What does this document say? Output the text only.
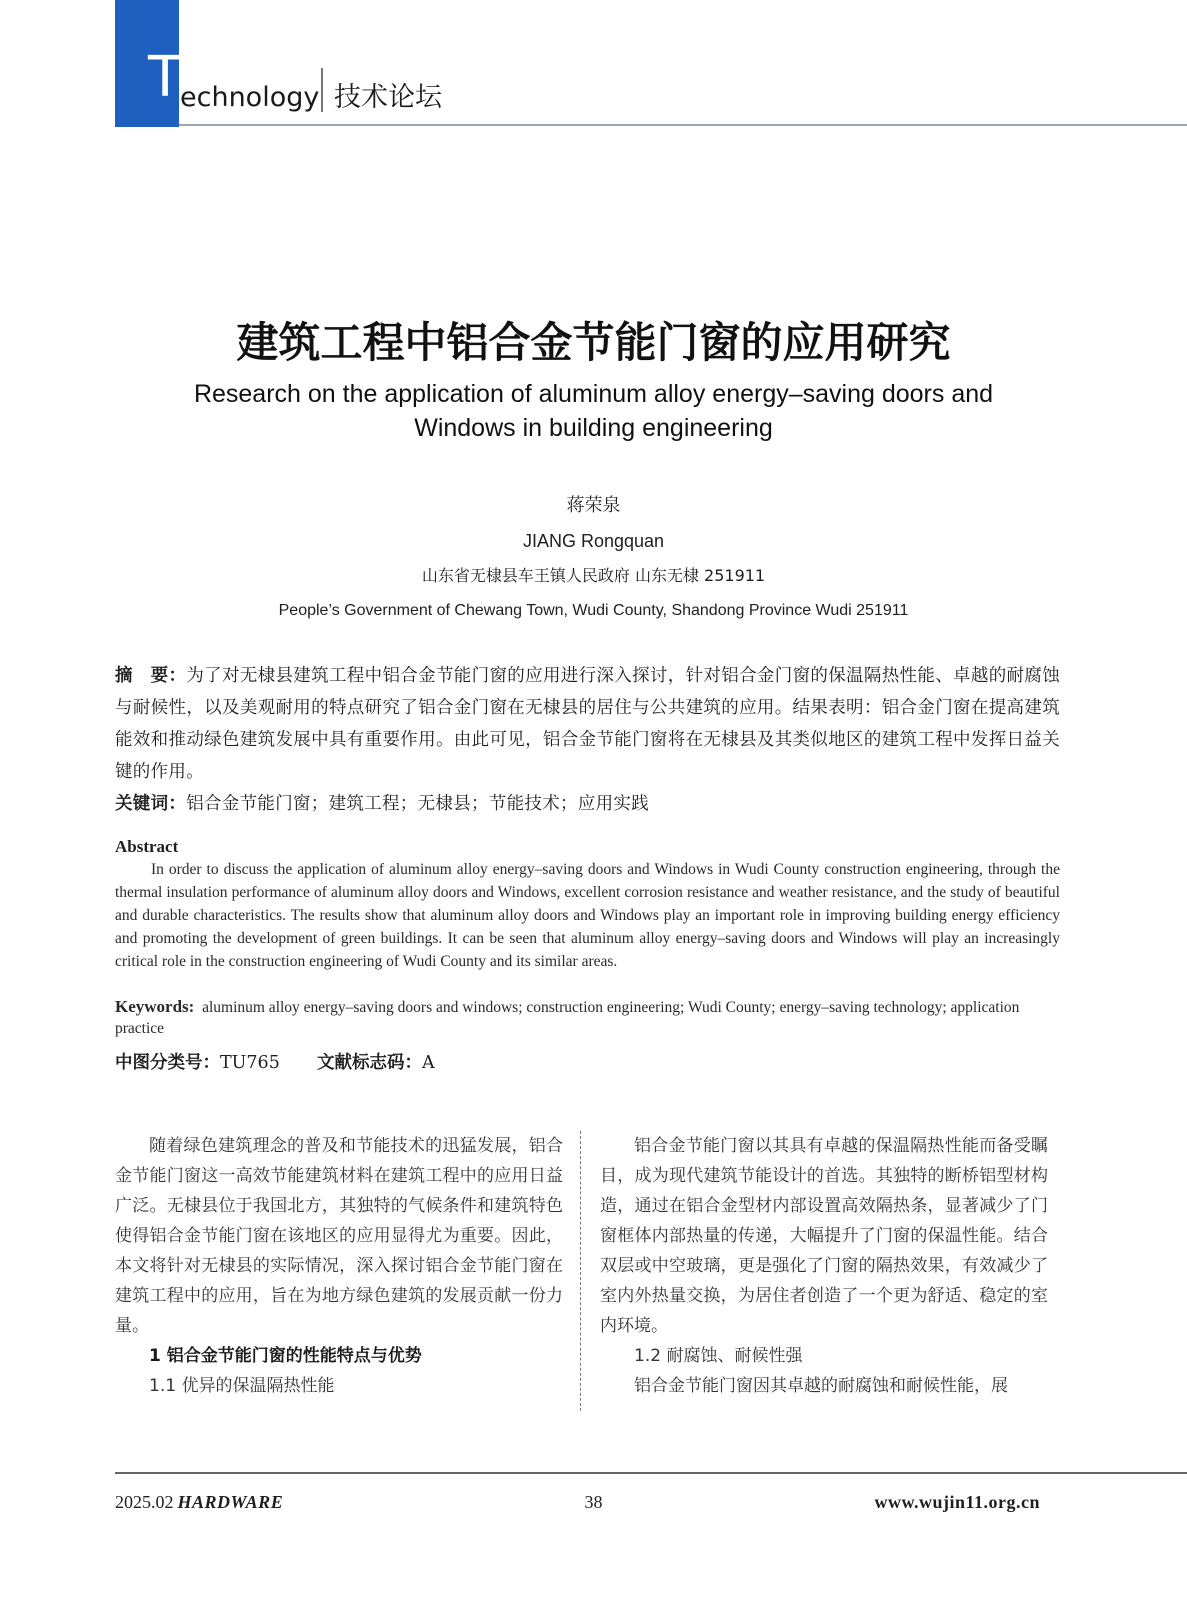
T
echnology 技术论坛
建筑工程中铝合金节能门窗的应用研究
Research on the application of aluminum alloy energy–saving doors and
Windows in building engineering
蒋荣泉
JIANG Rongquan
山东省无棣县车王镇人民政府 山东无棣 251911
People’s Government of Chewang Town, Wudi County, Shandong Province Wudi 251911
摘　要：为了对无棣县建筑工程中铝合金节能门窗的应用进行深入探讨，针对铝合金门窗的保温隔热性能、卓越的耐腐蚀与耐候性，以及美观耐用的特点研究了铝合金门窗在无棣县的居住与公共建筑的应用。结果表明：铝合金门窗在提高建筑能效和推动绿色建筑发展中具有重要作用。由此可见，铝合金节能门窗将在无棣县及其类似地区的建筑工程中发挥日益关键的作用。
关键词：铝合金节能门窗；建筑工程；无棣县；节能技术；应用实践
Abstract
In order to discuss the application of aluminum alloy energy–saving doors and Windows in Wudi County construction engineering, through the thermal insulation performance of aluminum alloy doors and Windows, excellent corrosion resistance and weather resistance, and the study of beautiful and durable characteristics. The results show that aluminum alloy doors and Windows play an important role in improving building energy efficiency and promoting the development of green buildings. It can be seen that aluminum alloy energy–saving doors and Windows will play an increasingly critical role in the construction engineering of Wudi County and its similar areas.
Keywords: aluminum alloy energy–saving doors and windows; construction engineering; Wudi County; energy–saving technology; application practice
中图分类号：TU765 文献标志码：A

随着绿色建筑理念的普及和节能技术的迅猛发展，铝合金节能门窗这一高效节能建筑材料在建筑工程中的应用日益广泛。无棣县位于我国北方，其独特的气候条件和建筑特色使得铝合金节能门窗在该地区的应用显得尤为重要。因此，本文将针对无棣县的实际情况，深入探讨铝合金节能门窗在建筑工程中的应用，旨在为地方绿色建筑的发展贡献一份力量。

1 铝合金节能门窗的性能特点与优势

1.1 优异的保温隔热性能

铝合金节能门窗以其具有卓越的保温隔热性能而备受瞩目，成为现代建筑节能设计的首选。其独特的断桥铝型材构造，通过在铝合金型材内部设置高效隔热条，显著减少了门窗框体内部热量的传递，大幅提升了门窗的保温性能。结合双层或中空玻璃，更是强化了门窗的隔热效果，有效减少了室内外热量交换，为居住者创造了一个更为舒适、稳定的室内环境。

1.2 耐腐蚀、耐候性强

铝合金节能门窗因其卓越的耐腐蚀和耐候性能，展

2025.02 HARDWARE	38	www.wujin11.org.cn
